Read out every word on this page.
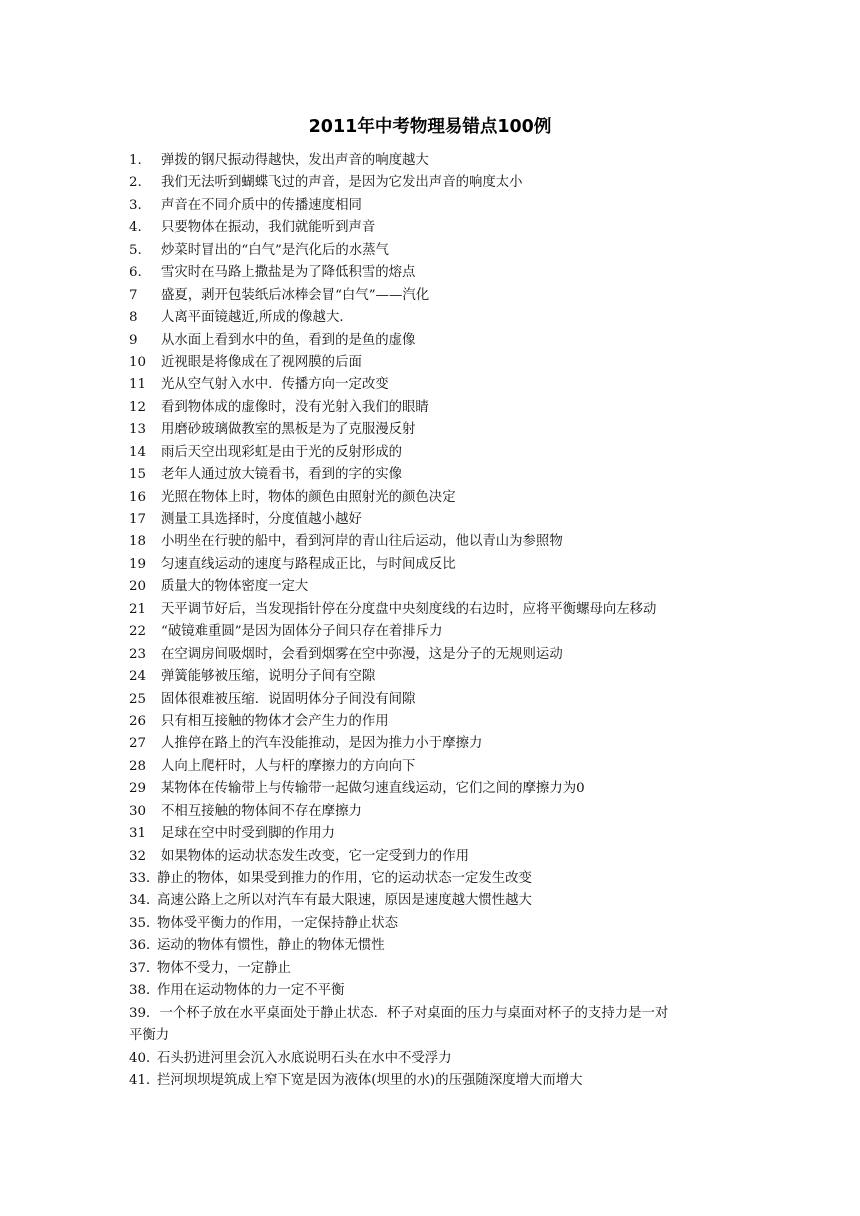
2011年中考物理易错点100例
1.	弹拨的钢尺振动得越快，发出声音的响度越大
2.	我们无法听到蝴蝶飞过的声音，是因为它发出声音的响度太小
3.	声音在不同介质中的传播速度相同
4.	只要物体在振动，我们就能听到声音
5.	炒菜时冒出的“白气”是汽化后的水蒸气
6.	雪灾时在马路上撒盐是为了降低积雪的熔点
7	盛夏，剥开包装纸后冰棒会冒“白气”——汽化
8	人离平面镜越近,所成的像越大.
9	从水面上看到水中的鱼，看到的是鱼的虚像
10	近视眼是将像成在了视网膜的后面
11	光从空气射入水中．传播方向一定改变
12	看到物体成的虚像时，没有光射入我们的眼睛
13	用磨砂玻璃做教室的黑板是为了克服漫反射
14	雨后天空出现彩虹是由于光的反射形成的
15	老年人通过放大镜看书，看到的字的实像
16	光照在物体上时，物体的颜色由照射光的颜色决定
17	测量工具选择时，分度值越小越好
18	小明坐在行驶的船中，看到河岸的青山往后运动，他以青山为参照物
19	匀速直线运动的速度与路程成正比，与时间成反比
20	质量大的物体密度一定大
21	天平调节好后，当发现指针停在分度盘中央刻度线的右边时，应将平衡螺母向左移动
22	“破镜难重圆”是因为固体分子间只存在着排斥力
23	在空调房间吸烟时，会看到烟雾在空中弥漫，这是分子的无规则运动
24	弹簧能够被压缩，说明分子间有空隙
25	固体很难被压缩．说固明体分子间没有间隙
26	只有相互接触的物体才会产生力的作用
27	人推停在路上的汽车没能推动，是因为推力小于摩擦力
28	人向上爬杆时，人与杆的摩擦力的方向向下
29	某物体在传输带上与传输带一起做匀速直线运动，它们之间的摩擦力为0
30	不相互接触的物体间不存在摩擦力
31	足球在空中时受到脚的作用力
32	如果物体的运动状态发生改变，它一定受到力的作用
33．
静止的物体，如果受到推力的作用，它的运动状态一定发生改变
34．
高速公路上之所以对汽车有最大限速，原因是速度越大惯性越大
35．
物体受平衡力的作用，一定保持静止状态
36．
运动的物体有惯性，静止的物体无惯性
37．
物体不受力，一定静止
38．
作用在运动物体的力一定不平衡
39．一个杯子放在水平桌面处于静止状态．杯子对桌面的压力与桌面对杯子的支持力是一对
平衡力
40．
石头扔进河里会沉入水底说明石头在水中不受浮力
41．
拦河坝坝堤筑成上窄下宽是因为液体(坝里的水)的压强随深度增大而增大
